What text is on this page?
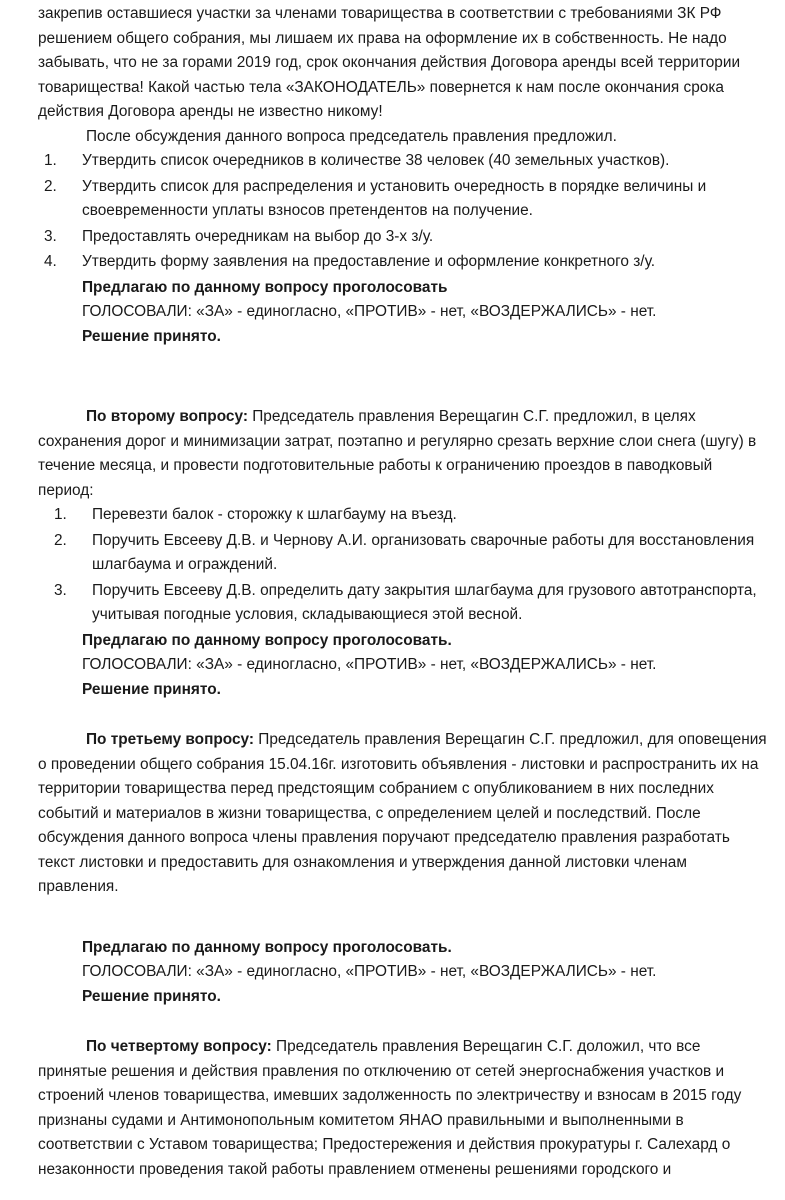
закрепив оставшиеся участки за членами товарищества в соответствии с требованиями ЗК РФ решением общего собрания, мы лишаем их права на оформление их в собственность. Не надо забывать, что не за горами 2019 год, срок окончания действия Договора аренды всей территории товарищества! Какой частью тела «ЗАКОНОДАТЕЛЬ» повернется к нам после окончания срока действия Договора аренды не известно никому!

После обсуждения данного вопроса председатель правления предложил.

1.	Утвердить список очередников в количестве 38 человек (40 земельных участков).
2.	Утвердить список для распределения и установить очередность в порядке величины и своевременности уплаты взносов претендентов на получение.
3.	Предоставлять очередникам на выбор до 3-х з/у.
4.	Утвердить форму заявления на предоставление и оформление конкретного з/у.

Предлагаю по данному вопросу проголосовать

ГОЛОСОВАЛИ: «ЗА» - единогласно, «ПРОТИВ» - нет, «ВОЗДЕРЖАЛИСЬ» - нет.

Решение принято.

По второму вопросу: Председатель правления Верещагин С.Г. предложил, в целях сохранения дорог и минимизации затрат, поэтапно и регулярно срезать верхние слои снега (шугу) в течение месяца, и провести подготовительные работы к ограничению проездов в паводковый период:

1.	Перевезти балок - сторожку к шлагбауму на въезд.
2.	Поручить Евсееву Д.В. и Чернову А.И. организовать сварочные работы для восстановления шлагбаума и ограждений.
3.	Поручить Евсееву Д.В. определить дату закрытия шлагбаума для грузового автотранспорта, учитывая погодные условия, складывающиеся этой весной.

Предлагаю по данному вопросу проголосовать.

ГОЛОСОВАЛИ: «ЗА» - единогласно, «ПРОТИВ» - нет, «ВОЗДЕРЖАЛИСЬ» - нет.

Решение принято.

По третьему вопросу: Председатель правления Верещагин С.Г. предложил, для оповещения о проведении общего собрания 15.04.16г. изготовить объявления - листовки и распространить их на территории товарищества перед предстоящим собранием с опубликованием в них последних событий и материалов в жизни товарищества, с определением целей и последствий. После обсуждения данного вопроса члены правления поручают председателю правления разработать текст листовки и предоставить для ознакомления и утверждения данной листовки членам правления.

Предлагаю по данному вопросу проголосовать.

ГОЛОСОВАЛИ: «ЗА» - единогласно, «ПРОТИВ» - нет, «ВОЗДЕРЖАЛИСЬ» - нет.

Решение принято.

По четвертому вопросу: Председатель правления Верещагин С.Г. доложил, что все принятые решения и действия правления по отключению от сетей энергоснабжения участков и строений членов товарищества, имевших задолженность по электричеству и взносам в 2015 году признаны судами и Антимонопольным комитетом ЯНАО правильными и выполненными в соответствии с Уставом товарищества; Предостережения и действия прокуратуры г. Салехард о незаконности проведения такой работы правлением отменены решениями городского и
